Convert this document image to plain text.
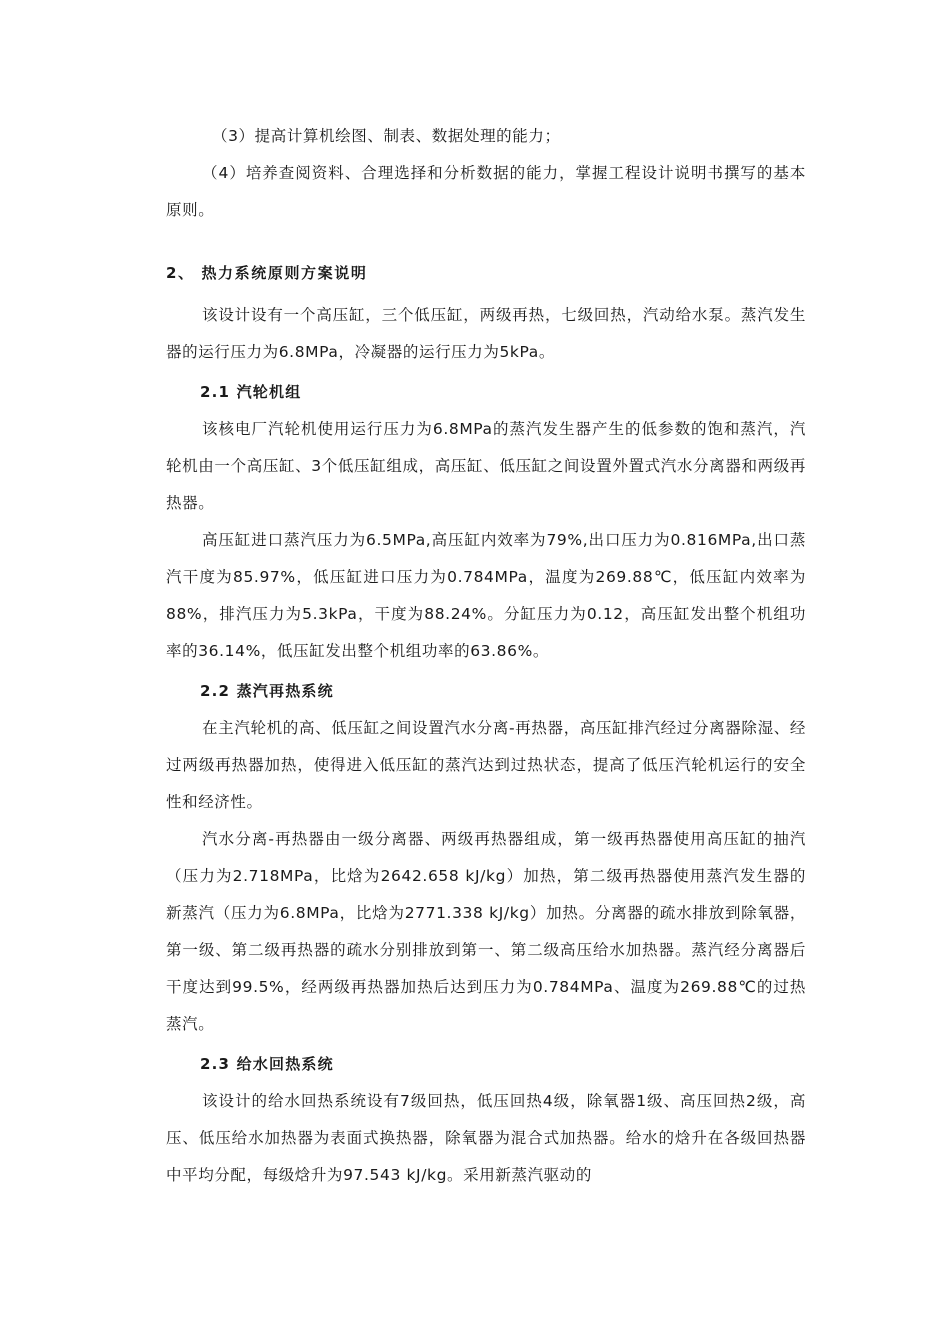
（3）提高计算机绘图、制表、数据处理的能力；

（4）培养查阅资料、合理选择和分析数据的能力，掌握工程设计说明书撰写的基本原则。

2、 热力系统原则方案说明

该设计设有一个高压缸，三个低压缸，两级再热，七级回热，汽动给水泵。蒸汽发生器的运行压力为6.8MPa，冷凝器的运行压力为5kPa。

2.1 汽轮机组

该核电厂汽轮机使用运行压力为6.8MPa的蒸汽发生器产生的低参数的饱和蒸汽，汽轮机由一个高压缸、3个低压缸组成，高压缸、低压缸之间设置外置式汽水分离器和两级再热器。

高压缸进口蒸汽压力为6.5MPa,高压缸内效率为79%,出口压力为0.816MPa,出口蒸汽干度为85.97%，低压缸进口压力为0.784MPa，温度为269.88℃，低压缸内效率为88%，排汽压力为5.3kPa，干度为88.24%。分缸压力为0.12，高压缸发出整个机组功率的36.14%，低压缸发出整个机组功率的63.86%。

2.2 蒸汽再热系统

在主汽轮机的高、低压缸之间设置汽水分离-再热器，高压缸排汽经过分离器除湿、经过两级再热器加热，使得进入低压缸的蒸汽达到过热状态，提高了低压汽轮机运行的安全性和经济性。

汽水分离-再热器由一级分离器、两级再热器组成，第一级再热器使用高压缸的抽汽（压力为2.718MPa，比焓为2642.658 kJ/kg）加热，第二级再热器使用蒸汽发生器的新蒸汽（压力为6.8MPa，比焓为2771.338 kJ/kg）加热。分离器的疏水排放到除氧器，第一级、第二级再热器的疏水分别排放到第一、第二级高压给水加热器。蒸汽经分离器后干度达到99.5%，经两级再热器加热后达到压力为0.784MPa、温度为269.88℃的过热蒸汽。

2.3 给水回热系统

该设计的给水回热系统设有7级回热，低压回热4级，除氧器1级、高压回热2级，高压、低压给水加热器为表面式换热器，除氧器为混合式加热器。给水的焓升在各级回热器中平均分配，每级焓升为97.543 kJ/kg。采用新蒸汽驱动的
